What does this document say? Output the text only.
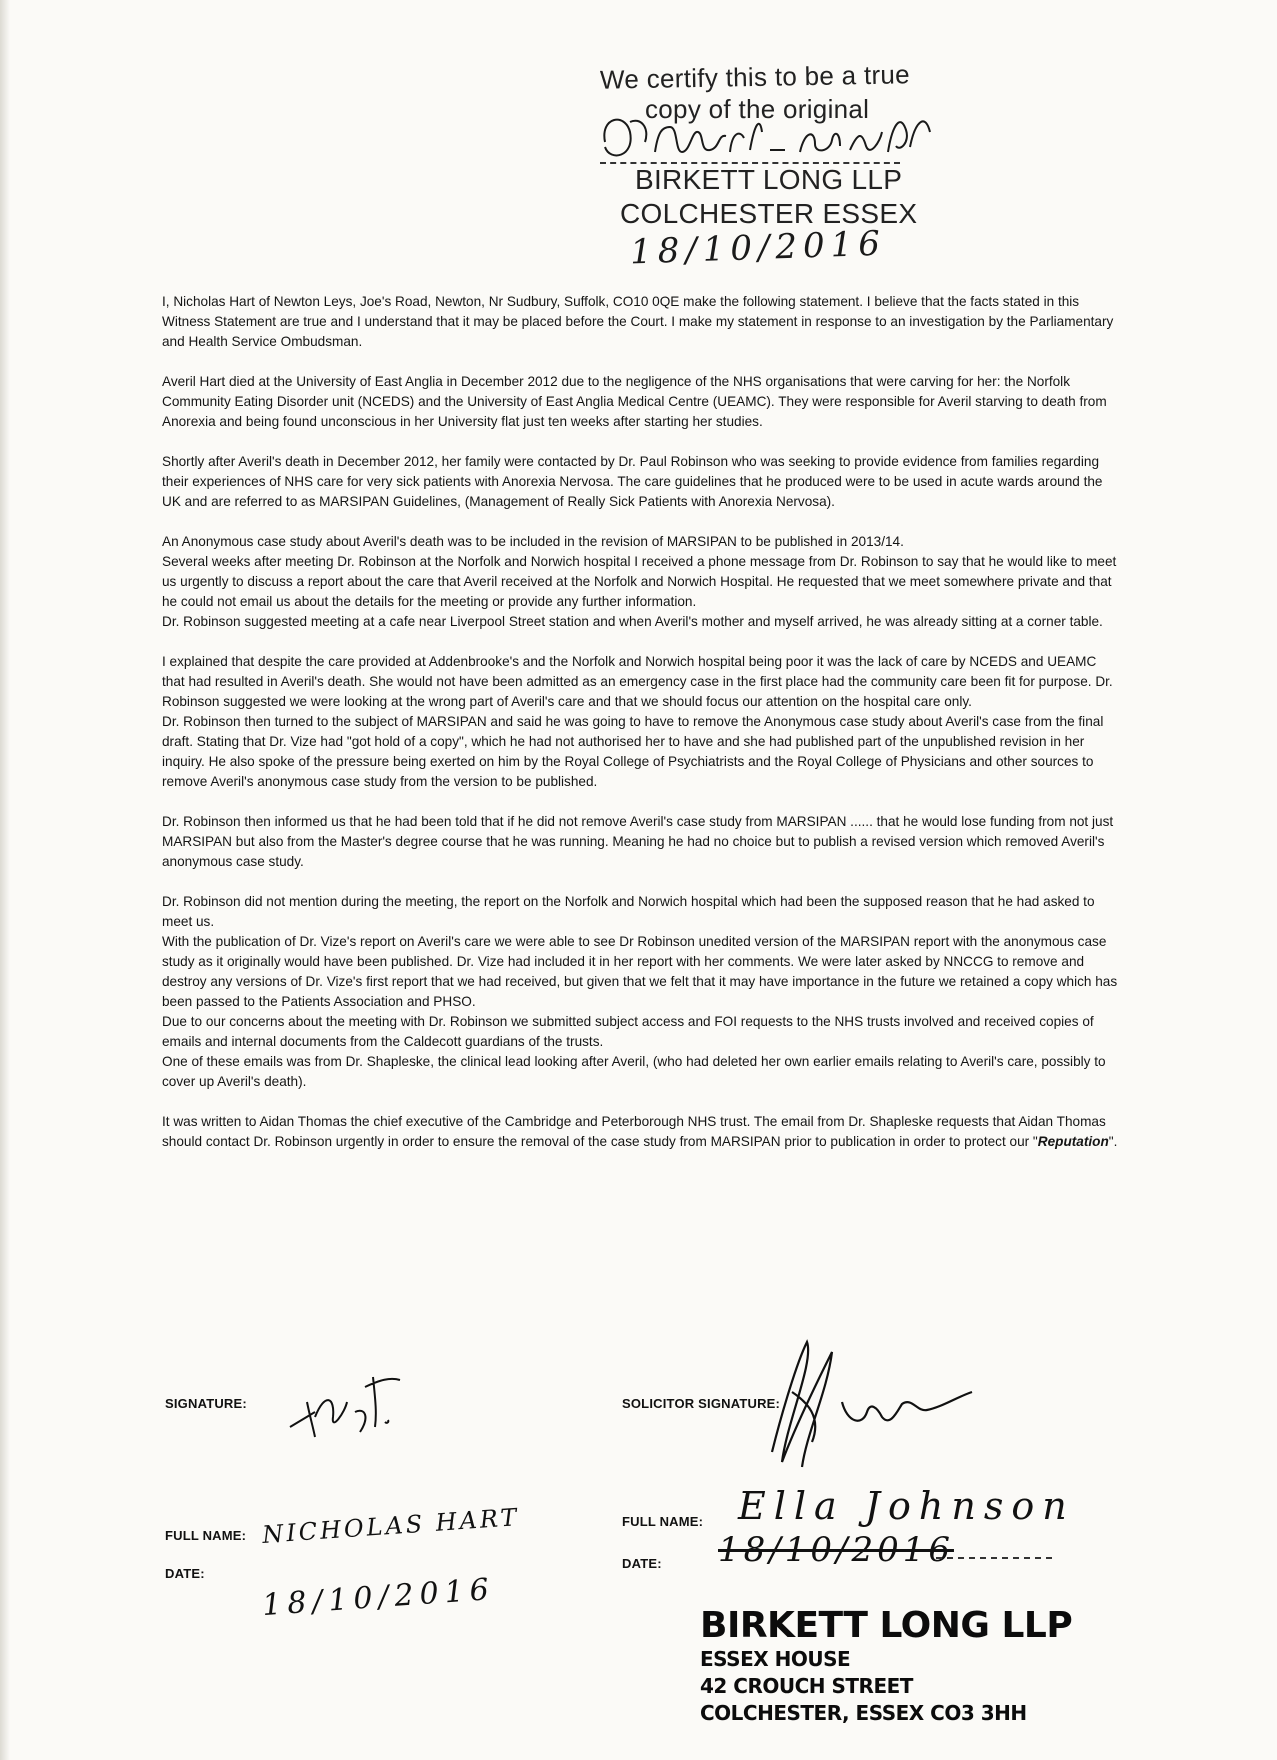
We certify this to be a true
copy of the original
BIRKETT LONG LLP
COLCHESTER ESSEX
18/10/2016

I, Nicholas Hart of Newton Leys, Joe's Road, Newton, Nr Sudbury, Suffolk, CO10 0QE make the following statement. I believe that the facts stated in this Witness Statement are true and I understand that it may be placed before the Court. I make my statement in response to an investigation by the Parliamentary and Health Service Ombudsman.

Averil Hart died at the University of East Anglia in December 2012 due to the negligence of the NHS organisations that were carving for her: the Norfolk Community Eating Disorder unit (NCEDS) and the University of East Anglia Medical Centre (UEAMC). They were responsible for Averil starving to death from Anorexia and being found unconscious in her University flat just ten weeks after starting her studies.

Shortly after Averil's death in December 2012, her family were contacted by Dr. Paul Robinson who was seeking to provide evidence from families regarding their experiences of NHS care for very sick patients with Anorexia Nervosa. The care guidelines that he produced were to be used in acute wards around the UK and are referred to as MARSIPAN Guidelines, (Management of Really Sick Patients with Anorexia Nervosa).

An Anonymous case study about Averil's death was to be included in the revision of MARSIPAN to be published in 2013/14.

Several weeks after meeting Dr. Robinson at the Norfolk and Norwich hospital I received a phone message from Dr. Robinson to say that he would like to meet us urgently to discuss a report about the care that Averil received at the Norfolk and Norwich Hospital. He requested that we meet somewhere private and that he could not email us about the details for the meeting or provide any further information.

Dr. Robinson suggested meeting at a cafe near Liverpool Street station and when Averil's mother and myself arrived, he was already sitting at a corner table.

I explained that despite the care provided at Addenbrooke's and the Norfolk and Norwich hospital being poor it was the lack of care by NCEDS and UEAMC that had resulted in Averil's death. She would not have been admitted as an emergency case in the first place had the community care been fit for purpose. Dr. Robinson suggested we were looking at the wrong part of Averil's care and that we should focus our attention on the hospital care only.

Dr. Robinson then turned to the subject of MARSIPAN and said he was going to have to remove the Anonymous case study about Averil's case from the final draft. Stating that Dr. Vize had "got hold of a copy", which he had not authorised her to have and she had published part of the unpublished revision in her inquiry. He also spoke of the pressure being exerted on him by the Royal College of Psychiatrists and the Royal College of Physicians and other sources to remove Averil's anonymous case study from the version to be published.

Dr. Robinson then informed us that he had been told that if he did not remove Averil's case study from MARSIPAN ...... that he would lose funding from not just MARSIPAN but also from the Master's degree course that he was running. Meaning he had no choice but to publish a revised version which removed Averil's anonymous case study.

Dr. Robinson did not mention during the meeting, the report on the Norfolk and Norwich hospital which had been the supposed reason that he had asked to meet us.

With the publication of Dr. Vize's report on Averil's care we were able to see Dr Robinson unedited version of the MARSIPAN report with the anonymous case study as it originally would have been published. Dr. Vize had included it in her report with her comments. We were later asked by NNCCG to remove and destroy any versions of Dr. Vize's first report that we had received, but given that we felt that it may have importance in the future we retained a copy which has been passed to the Patients Association and PHSO.

Due to our concerns about the meeting with Dr. Robinson we submitted subject access and FOI requests to the NHS trusts involved and received copies of emails and internal documents from the Caldecott guardians of the trusts.

One of these emails was from Dr. Shapleske, the clinical lead looking after Averil, (who had deleted her own earlier emails relating to Averil's care, possibly to cover up Averil's death).

It was written to Aidan Thomas the chief executive of the Cambridge and Peterborough NHS trust. The email from Dr. Shapleske requests that Aidan Thomas should contact Dr. Robinson urgently in order to ensure the removal of the case study from MARSIPAN prior to publication in order to protect our "Reputation".

SIGNATURE:
FULL NAME: NICHOLAS HART
DATE: 18/10/2016
SOLICITOR SIGNATURE:
FULL NAME: Ella Johnson
DATE: 18/10/2016
BIRKETT LONG LLP
ESSEX HOUSE
42 CROUCH STREET
COLCHESTER, ESSEX CO3 3HH
